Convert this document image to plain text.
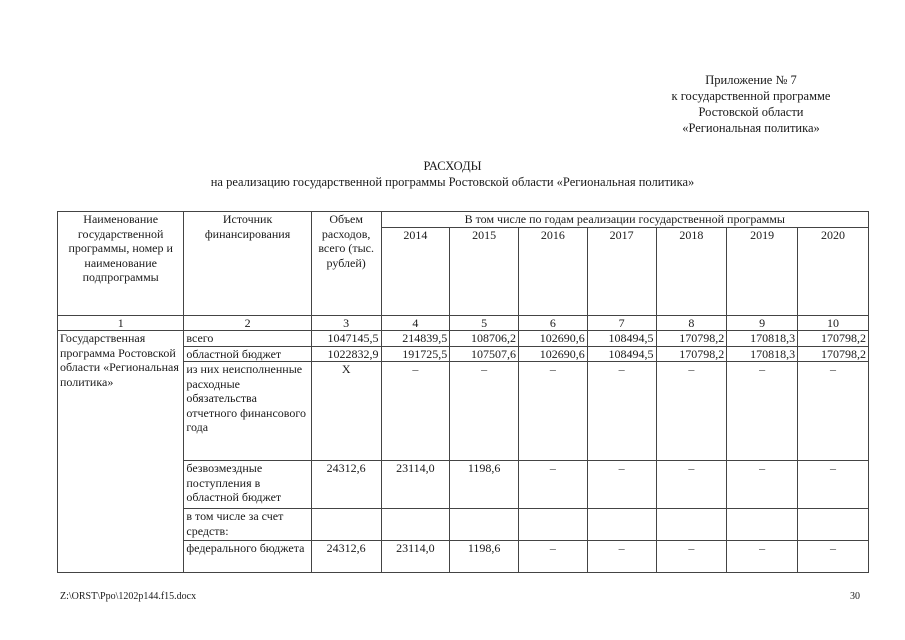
Приложение № 7
к государственной программе
Ростовской области
«Региональная политика»
РАСХОДЫ
на реализацию государственной программы Ростовской области «Региональная политика»
Наименование государственной программы, номер и наименование подпрограммы	Источник финансирования	Объем расходов, всего (тыс. рублей)	В том числе по годам реализации государственной программы						
			2014	2015	2016	2017	2018	2019	2020
1	2	3	4	5	6	7	8	9	10
Государственная программа Ростовской области «Региональная политика»	всего	1047145,5	214839,5	108706,2	102690,6	108494,5	170798,2	170818,3	170798,2
	областной бюджет	1022832,9	191725,5	107507,6	102690,6	108494,5	170798,2	170818,3	170798,2
	из них неисполненные расходные обязательства отчетного финансового года	Х	–	–	–	–	–	–	–
	безвозмездные поступления в областной бюджет	24312,6	23114,0	1198,6	–	–	–	–	–
	в том числе за счет средств:								
	федерального бюджета	24312,6	23114,0	1198,6	–	–	–	–	–
Z:\ORST\Ppo\1202p144.f15.docx	30
